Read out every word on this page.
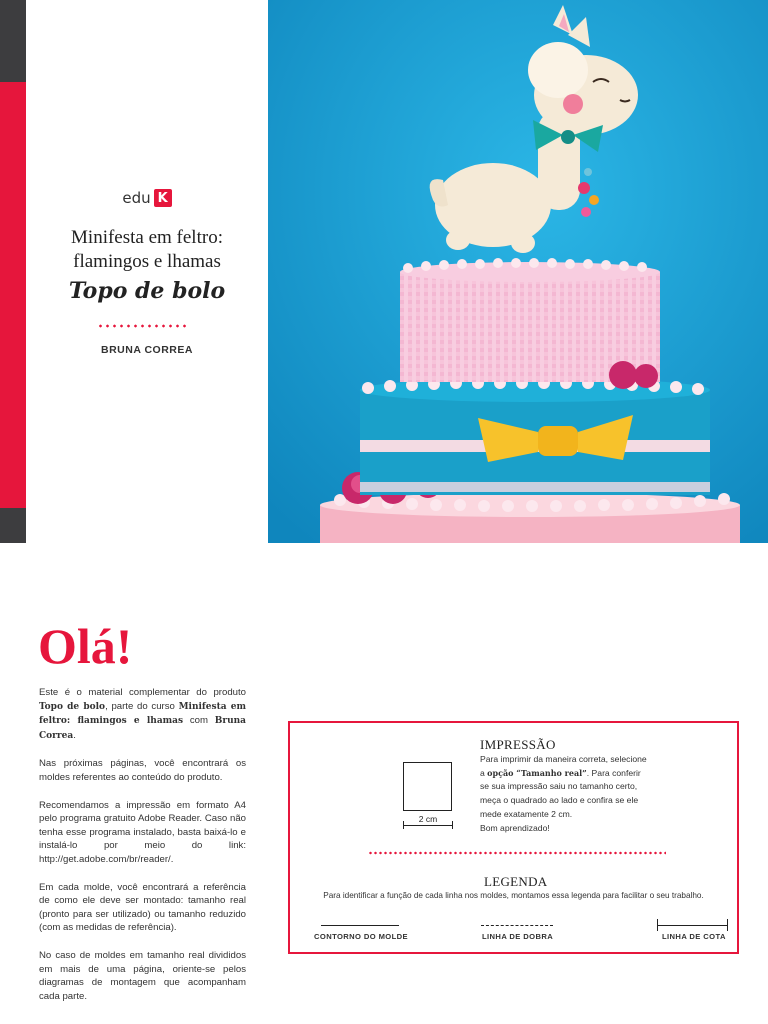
edu K
Minifesta em feltro:
flamingos e lhamas
Topo de bolo
BRUNA CORREA
Olá!

Este é o material complementar do produto Topo de bolo, parte do curso Minifesta em feltro: flamingos e lhamas com Bruna Correa.

Nas próximas páginas, você encontrará os moldes referentes ao conteúdo do produto.

Recomendamos a impressão em formato A4 pelo programa gratuito Adobe Reader. Caso não tenha esse programa instalado, basta baixá-lo e instalá-lo por meio do link: http://get.adobe.com/br/reader/.

Em cada molde, você encontrará a referência de como ele deve ser montado: tamanho real (pronto para ser utilizado) ou tamanho reduzido (com as medidas de referência).

No caso de moldes em tamanho real divididos em mais de uma página, oriente-se pelos diagramas de montagem que acompanham cada parte.

IMPRESSÃO
2 cm
Para imprimir da maneira correta, selecione a opção “Tamanho real”. Para conferir se sua impressão saiu no tamanho certo, meça o quadrado ao lado e confira se ele mede exatamente 2 cm.
Bom aprendizado!
LEGENDA
Para identificar a função de cada linha nos moldes, montamos essa legenda para facilitar o seu trabalho.
CONTORNO DO MOLDE	LINHA DE DOBRA	LINHA DE COTA
